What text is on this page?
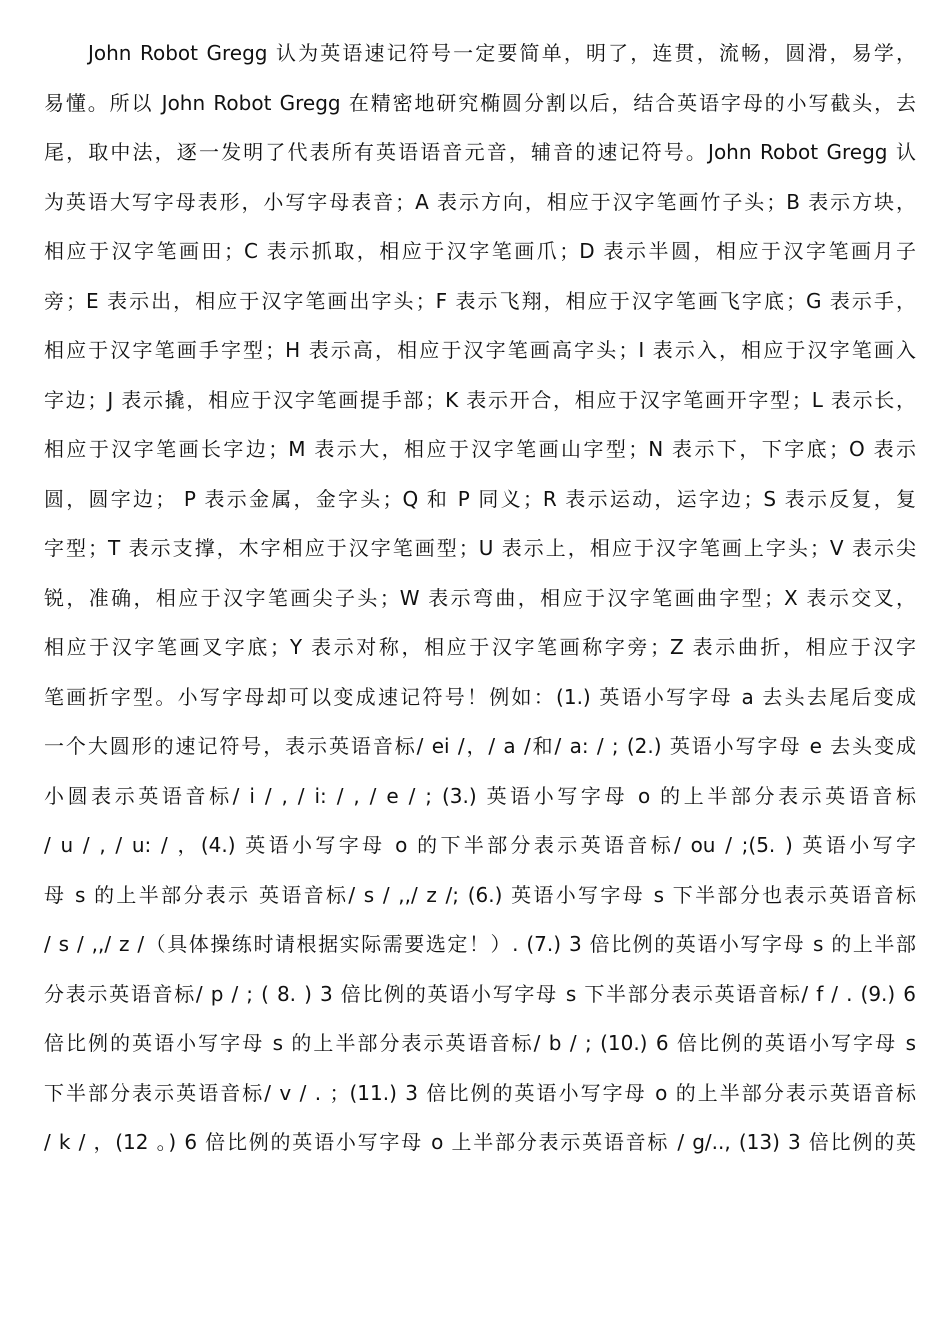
John Robot Gregg 认为英语速记符号一定要简单，明了，连贯，流畅，圆滑，易学，
易懂。所以 John Robot Gregg 在精密地研究椭圆分割以后，结合英语字母的小写截头，去
尾，取中法，逐一发明了代表所有英语语音元音，辅音的速记符号。John Robot Gregg 认
为英语大写字母表形，小写字母表音；A 表示方向，相应于汉字笔画竹子头；B 表示方块，
相应于汉字笔画田；C 表示抓取，相应于汉字笔画爪；D 表示半圆，相应于汉字笔画月子
旁；E 表示出，相应于汉字笔画出字头；F 表示飞翔，相应于汉字笔画飞字底；G 表示手，
相应于汉字笔画手字型；H 表示高，相应于汉字笔画高字头；I 表示入，相应于汉字笔画入
字边；J 表示撬，相应于汉字笔画提手部；K 表示开合，相应于汉字笔画开字型；L 表示长，
相应于汉字笔画长字边；M 表示大，相应于汉字笔画山字型；N 表示下，下字底；O 表示
圆，圆字边； P 表示金属，金字头；Q 和 P 同义；R 表示运动，运字边；S 表示反复，复
字型；T 表示支撑，木字相应于汉字笔画型；U 表示上，相应于汉字笔画上字头；V 表示尖
锐，准确，相应于汉字笔画尖子头；W 表示弯曲，相应于汉字笔画曲字型；X 表示交叉，
相应于汉字笔画叉字底；Y 表示对称，相应于汉字笔画称字旁；Z 表示曲折，相应于汉字
笔画折字型。小写字母却可以变成速记符号！例如：(1.) 英语小写字母 a 去头去尾后变成
一个大圆形的速记符号，表示英语音标/ ei /，/ a /和/ a: / ; (2.) 英语小写字母 e 去头变成
小圆表示英语音标/ i / , / i: / , / e / ; (3.) 英语小写字母 o 的上半部分表示英语音标
/ u / , / u: / ，(4.) 英语小写字母 o 的下半部分表示英语音标/ ou / ;(5. ) 英语小写字
母 s 的上半部分表示 英语音标/ s / ,,/ z /; (6.) 英语小写字母 s 下半部分也表示英语音标
/ s / ,,/ z /（具体操练时请根据实际需要选定！）. (7.) 3 倍比例的英语小写字母 s 的上半部
分表示英语音标/ p / ; ( 8. ) 3 倍比例的英语小写字母 s 下半部分表示英语音标/ f / . (9.) 6
倍比例的英语小写字母 s 的上半部分表示英语音标/ b / ; (10.) 6 倍比例的英语小写字母 s
下半部分表示英语音标/ v / . ；(11.) 3 倍比例的英语小写字母 o 的上半部分表示英语音标
/ k / ，(12 。) 6 倍比例的英语小写字母 o 上半部分表示英语音标 / g/.., (13) 3 倍比例的英
